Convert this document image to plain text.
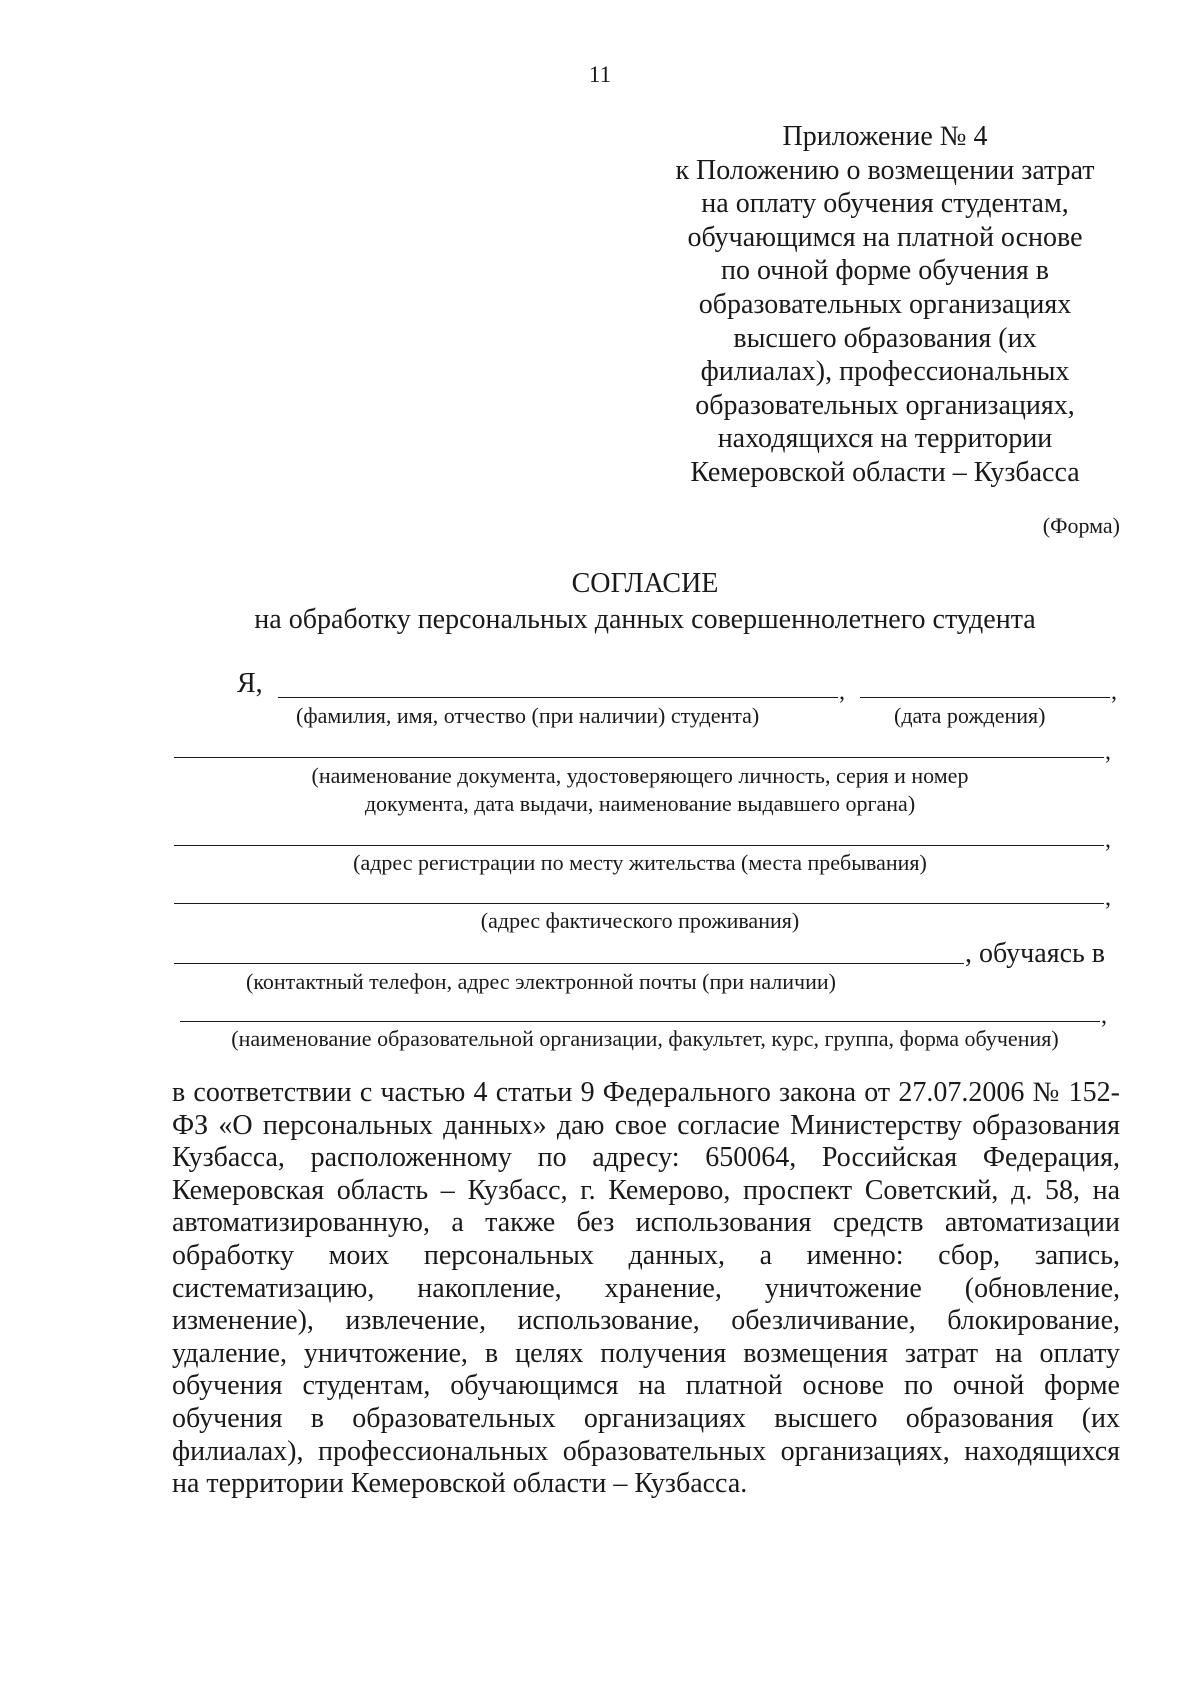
11
Приложение № 4
к Положению о возмещении затрат
на оплату обучения студентам,
обучающимся на платной основе
по очной форме обучения в
образовательных организациях
высшего образования (их
филиалах), профессиональных
образовательных организациях,
находящихся на территории
Кемеровской области – Кузбасса
(Форма)
СОГЛАСИЕ
на обработку персональных данных совершеннолетнего студента
Я,	,	,
(фамилия, имя, отчество (при наличии) студента)	(дата рождения)
,
(наименование документа, удостоверяющего личность, серия и номер
документа, дата выдачи, наименование выдавшего органа)
,
(адрес регистрации по месту жительства (места пребывания)
,
(адрес фактического проживания)
, обучаясь в
(контактный телефон, адрес электронной почты (при наличии)
,
(наименование образовательной организации, факультет, курс, группа, форма обучения)
в соответствии с частью 4 статьи 9 Федерального закона от 27.07.2006 № 152-ФЗ «О персональных данных» даю свое согласие Министерству образования Кузбасса, расположенному по адресу: 650064, Российская Федерация, Кемеровская область – Кузбасс, г. Кемерово, проспект Советский, д. 58, на автоматизированную, а также без использования средств автоматизации обработку моих персональных данных, а именно: сбор, запись, систематизацию, накопление, хранение, уничтожение (обновление, изменение), извлечение, использование, обезличивание, блокирование, удаление, уничтожение, в целях получения возмещения затрат на оплату обучения студентам, обучающимся на платной основе по очной форме обучения в образовательных организациях высшего образования (их филиалах), профессиональных образовательных организациях, находящихся на территории Кемеровской области – Кузбасса.
